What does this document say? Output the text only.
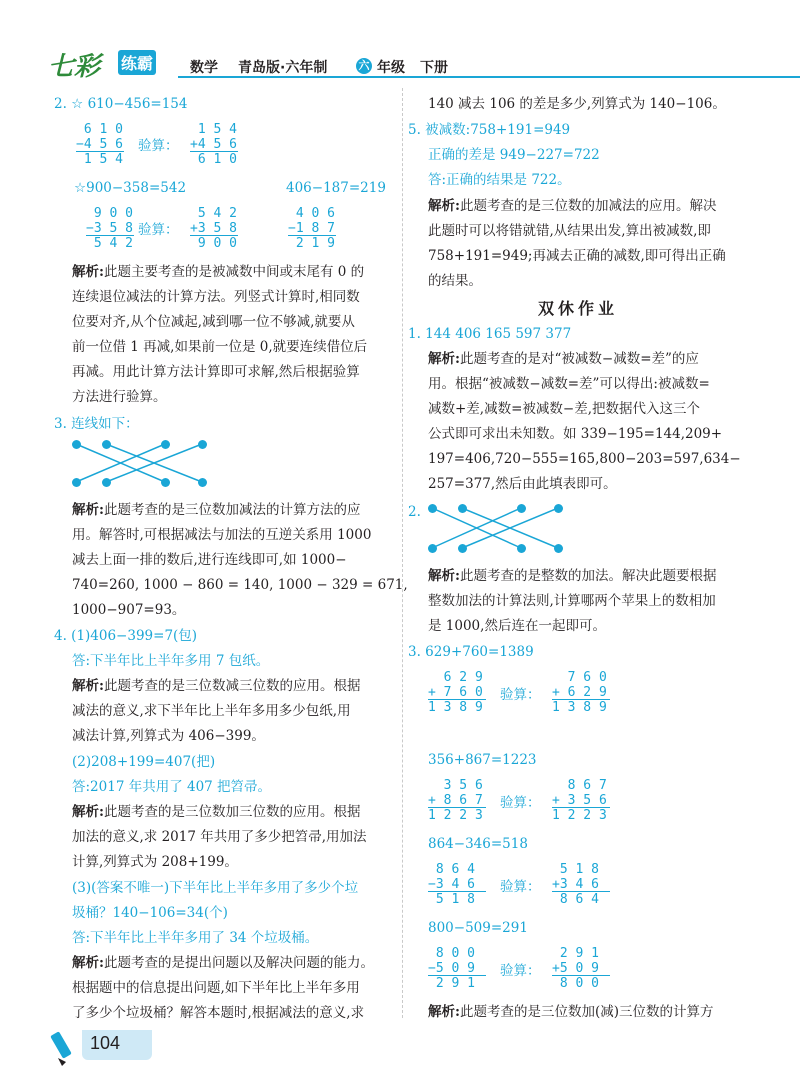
七彩 练霸	数学 青岛版·六年制	六 年级 下册
2. ☆ 610−456=154
6 1 0
−4 5 6
1 5 4
验算：
1 5 4
+4 5 6
6 1 0
☆900−358=542	406−187=219
9 0 0
−3 5 8
5 4 2
验算：
5 4 2
+3 5 8
9 0 0
4 0 6
−1 8 7
2 1 9
解析:此题主要考查的是被减数中间或末尾有 0 的
连续退位减法的计算方法。列竖式计算时,相同数
位要对齐,从个位减起,减到哪一位不够减,就要从
前一位借 1 再减,如果前一位是 0,就要连续借位后
再减。用此计算方法计算即可求解,然后根据验算
方法进行验算。
3. 连线如下：
解析:此题考查的是三位数加减法的计算方法的应
用。解答时,可根据减法与加法的互逆关系用 1000
减去上面一排的数后,进行连线即可,如 1000−
740=260, 1000 − 860 = 140, 1000 − 329 = 671,
1000−907=93。
4. (1)406−399=7(包)
答:下半年比上半年多用 7 包纸。
解析:此题考查的是三位数减三位数的应用。根据
减法的意义,求下半年比上半年多用多少包纸,用
减法计算,列算式为 406−399。
(2)208+199=407(把)
答:2017 年共用了 407 把笤帚。
解析:此题考查的是三位数加三位数的应用。根据
加法的意义,求 2017 年共用了多少把笤帚,用加法
计算,列算式为 208+199。
(3)(答案不唯一)下半年比上半年多用了多少个垃
圾桶？140−106=34(个)
答:下半年比上半年多用了 34 个垃圾桶。
解析:此题考查的是提出问题以及解决问题的能力。
根据题中的信息提出问题,如下半年比上半年多用
了多少个垃圾桶？解答本题时,根据减法的意义,求
140 减去 106 的差是多少,列算式为 140−106。
5. 被减数:758+191=949
正确的差是 949−227=722
答:正确的结果是 722。
解析:此题考查的是三位数的加减法的应用。解决
此题时可以将错就错,从结果出发,算出被减数,即
758+191=949;再减去正确的减数,即可得出正确
的结果。
双休作业
1. 144 406 165 597 377
解析:此题考查的是对“被减数−减数=差”的应
用。根据“被减数−减数=差”可以得出:被减数=
减数+差,减数=被减数−差,把数据代入这三个
公式即可求出未知数。如 339−195=144,209+
197=406,720−555=165,800−203=597,634−
257=377,然后由此填表即可。
2.
解析:此题考查的是整数的加法。解决此题要根据
整数加法的计算法则,计算哪两个苹果上的数相加
是 1000,然后连在一起即可。
3. 629+760=1389
6 2 9
+ 7 6 0
1 3 8 9
验算：
7 6 0
+ 6 2 9
1 3 8 9
356+867=1223
3 5 6
+ 8 6 7
1 2 2 3
验算：
8 6 7
+ 3 5 6
1 2 2 3
864−346=518
8 6 4
−3 4 6
5 1 8
验算：
5 1 8
+3 4 6
8 6 4
800−509=291
8 0 0
−5 0 9
2 9 1
验算：
2 9 1
+5 0 9
8 0 0
解析:此题考查的是三位数加(减)三位数的计算方
104
